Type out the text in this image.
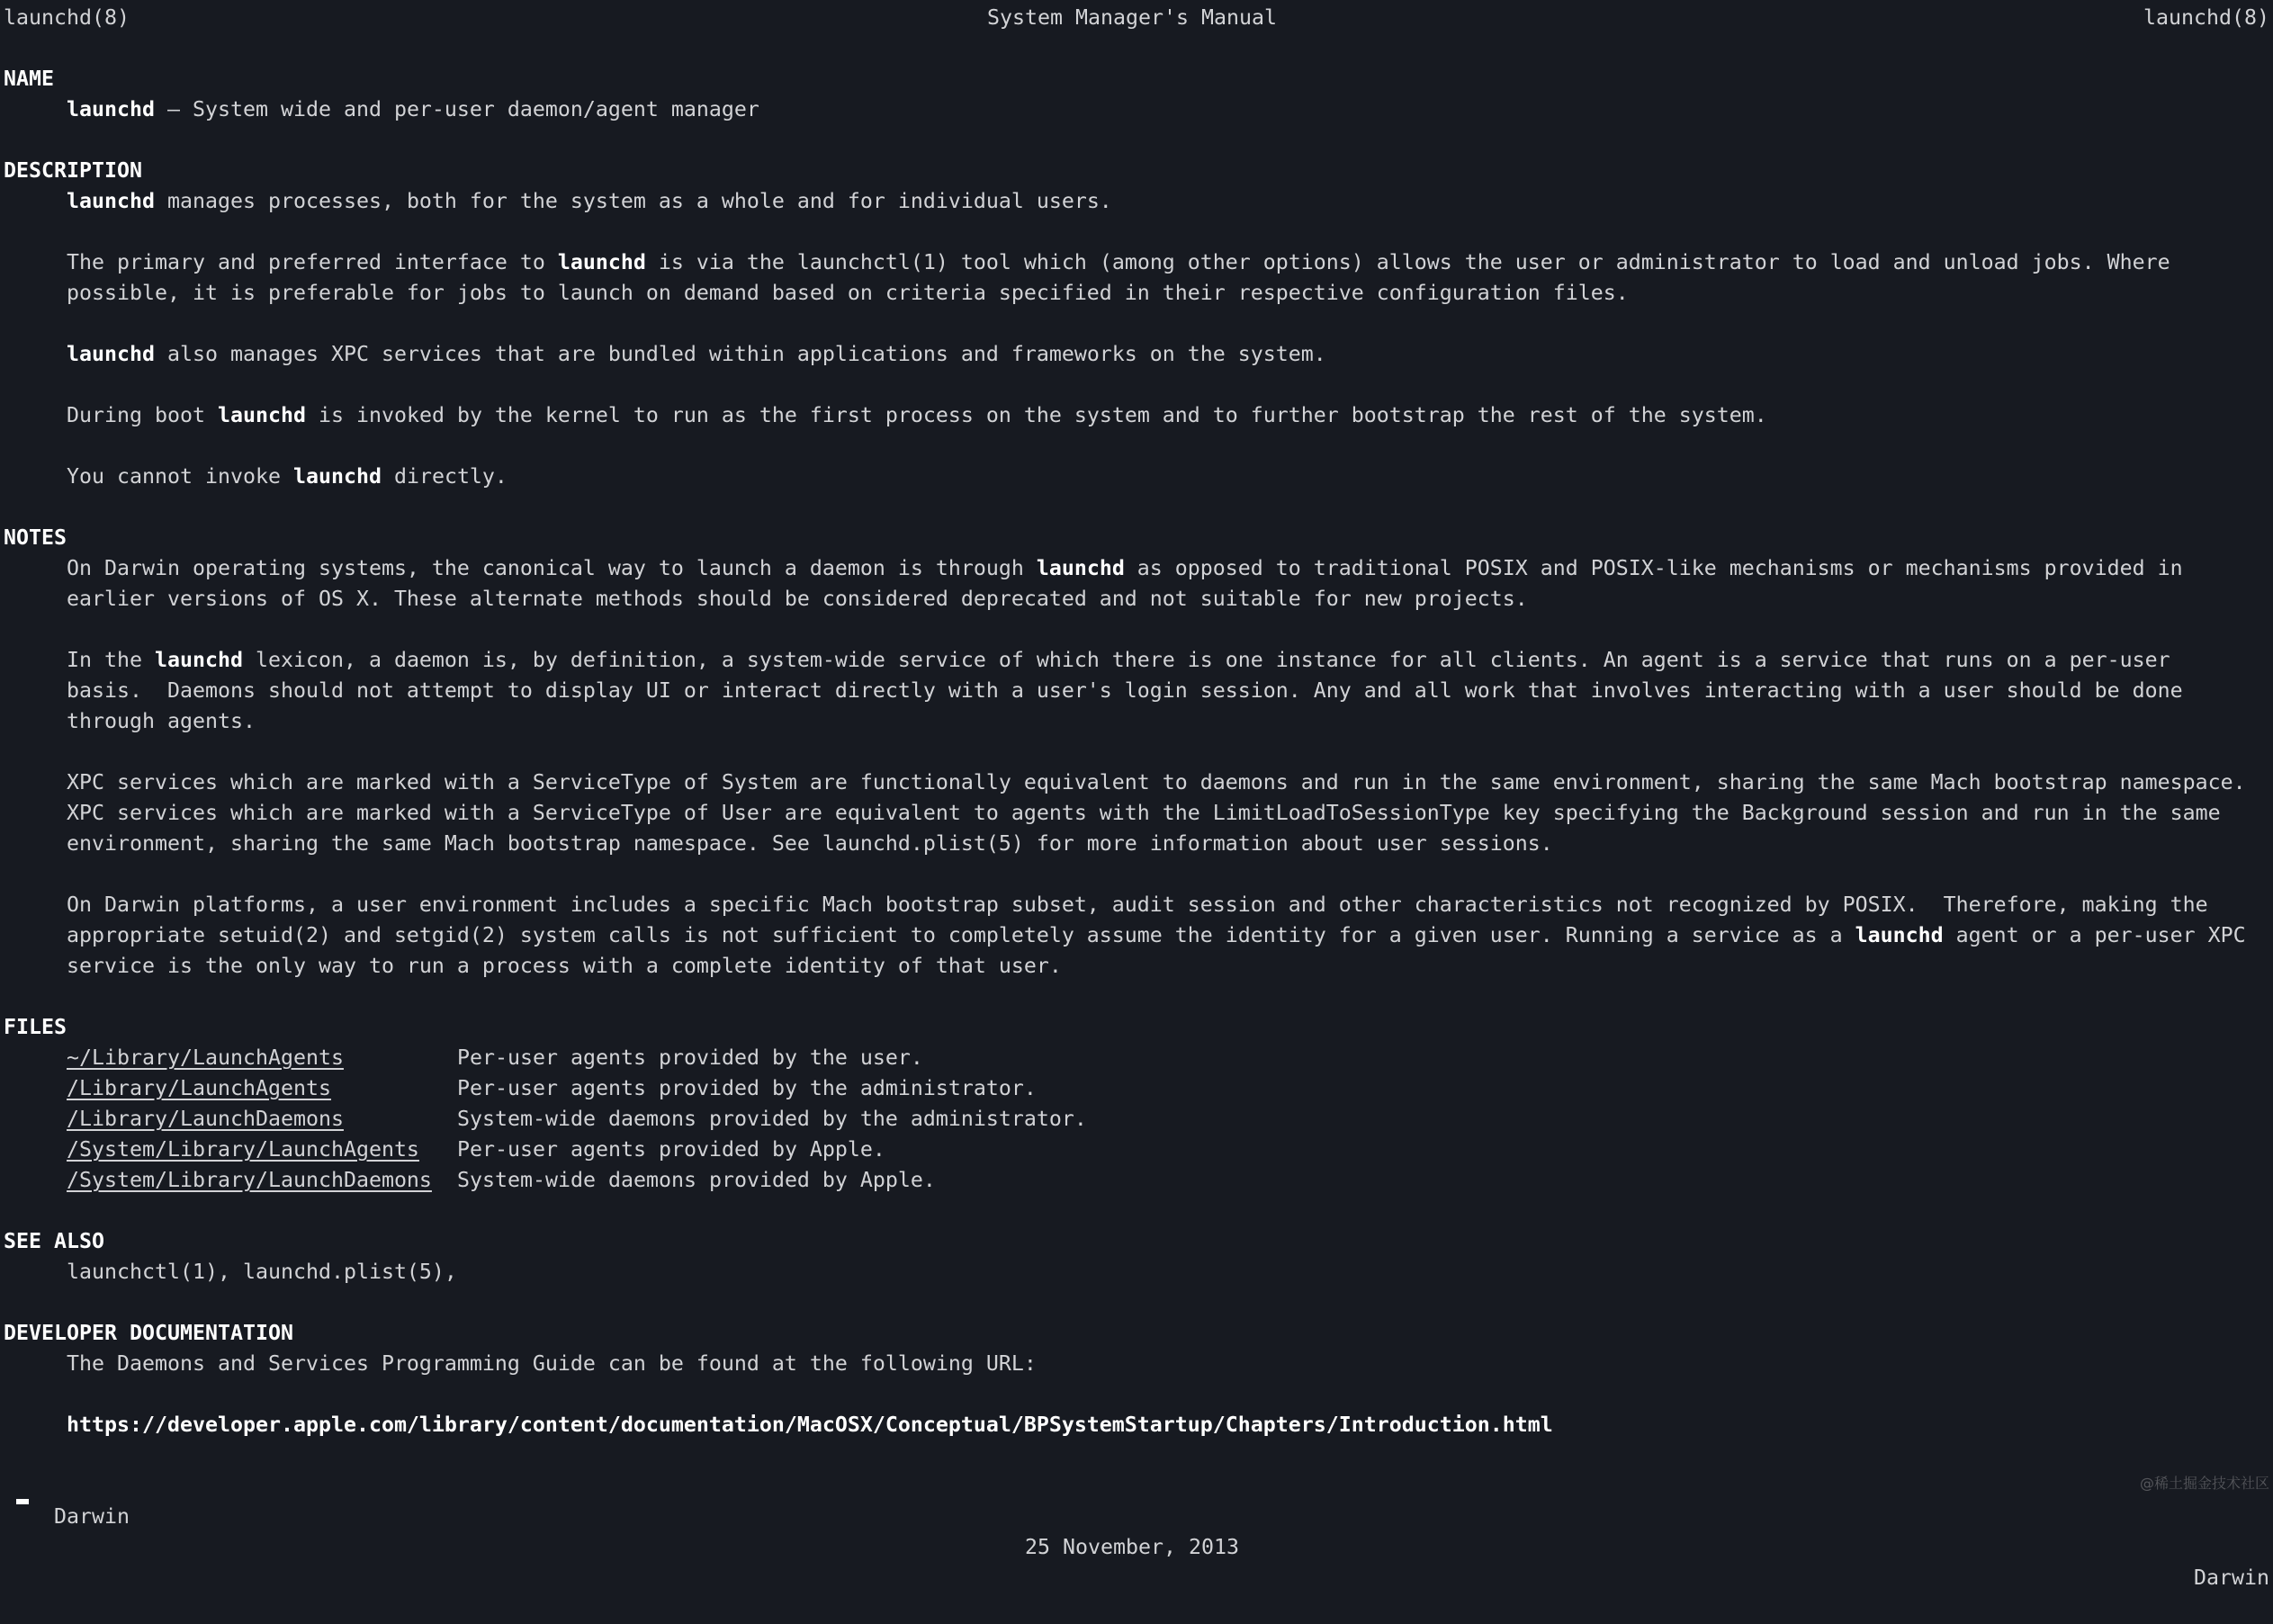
launchd(8)	System Manager's Manual	launchd(8)
NAME
launchd – System wide and per-user daemon/agent manager
DESCRIPTION
launchd manages processes, both for the system as a whole and for individual users.
The primary and preferred interface to launchd is via the launchctl(1) tool which (among other options) allows the user or administrator to load and unload jobs. Where
possible, it is preferable for jobs to launch on demand based on criteria specified in their respective configuration files.
launchd also manages XPC services that are bundled within applications and frameworks on the system.
During boot launchd is invoked by the kernel to run as the first process on the system and to further bootstrap the rest of the system.
You cannot invoke launchd directly.
NOTES
On Darwin operating systems, the canonical way to launch a daemon is through launchd as opposed to traditional POSIX and POSIX-like mechanisms or mechanisms provided in
earlier versions of OS X. These alternate methods should be considered deprecated and not suitable for new projects.
In the launchd lexicon, a daemon is, by definition, a system-wide service of which there is one instance for all clients. An agent is a service that runs on a per-user
basis.  Daemons should not attempt to display UI or interact directly with a user's login session. Any and all work that involves interacting with a user should be done
through agents.
XPC services which are marked with a ServiceType of System are functionally equivalent to daemons and run in the same environment, sharing the same Mach bootstrap namespace.
XPC services which are marked with a ServiceType of User are equivalent to agents with the LimitLoadToSessionType key specifying the Background session and run in the same
environment, sharing the same Mach bootstrap namespace. See launchd.plist(5) for more information about user sessions.
On Darwin platforms, a user environment includes a specific Mach bootstrap subset, audit session and other characteristics not recognized by POSIX.  Therefore, making the
appropriate setuid(2) and setgid(2) system calls is not sufficient to completely assume the identity for a given user. Running a service as a launchd agent or a per-user XPC
service is the only way to run a process with a complete identity of that user.
FILES
~/Library/LaunchAgents	Per-user agents provided by the user.
/Library/LaunchAgents	Per-user agents provided by the administrator.
/Library/LaunchDaemons	System-wide daemons provided by the administrator.
/System/Library/LaunchAgents	Per-user agents provided by Apple.
/System/Library/LaunchDaemons	System-wide daemons provided by Apple.
SEE ALSO
launchctl(1), launchd.plist(5),
DEVELOPER DOCUMENTATION
The Daemons and Services Programming Guide can be found at the following URL:
https://developer.apple.com/library/content/documentation/MacOSX/Conceptual/BPSystemStartup/Chapters/Introduction.html

Darwin

25 November, 2013

Darwin

@稀土掘金技术社区
